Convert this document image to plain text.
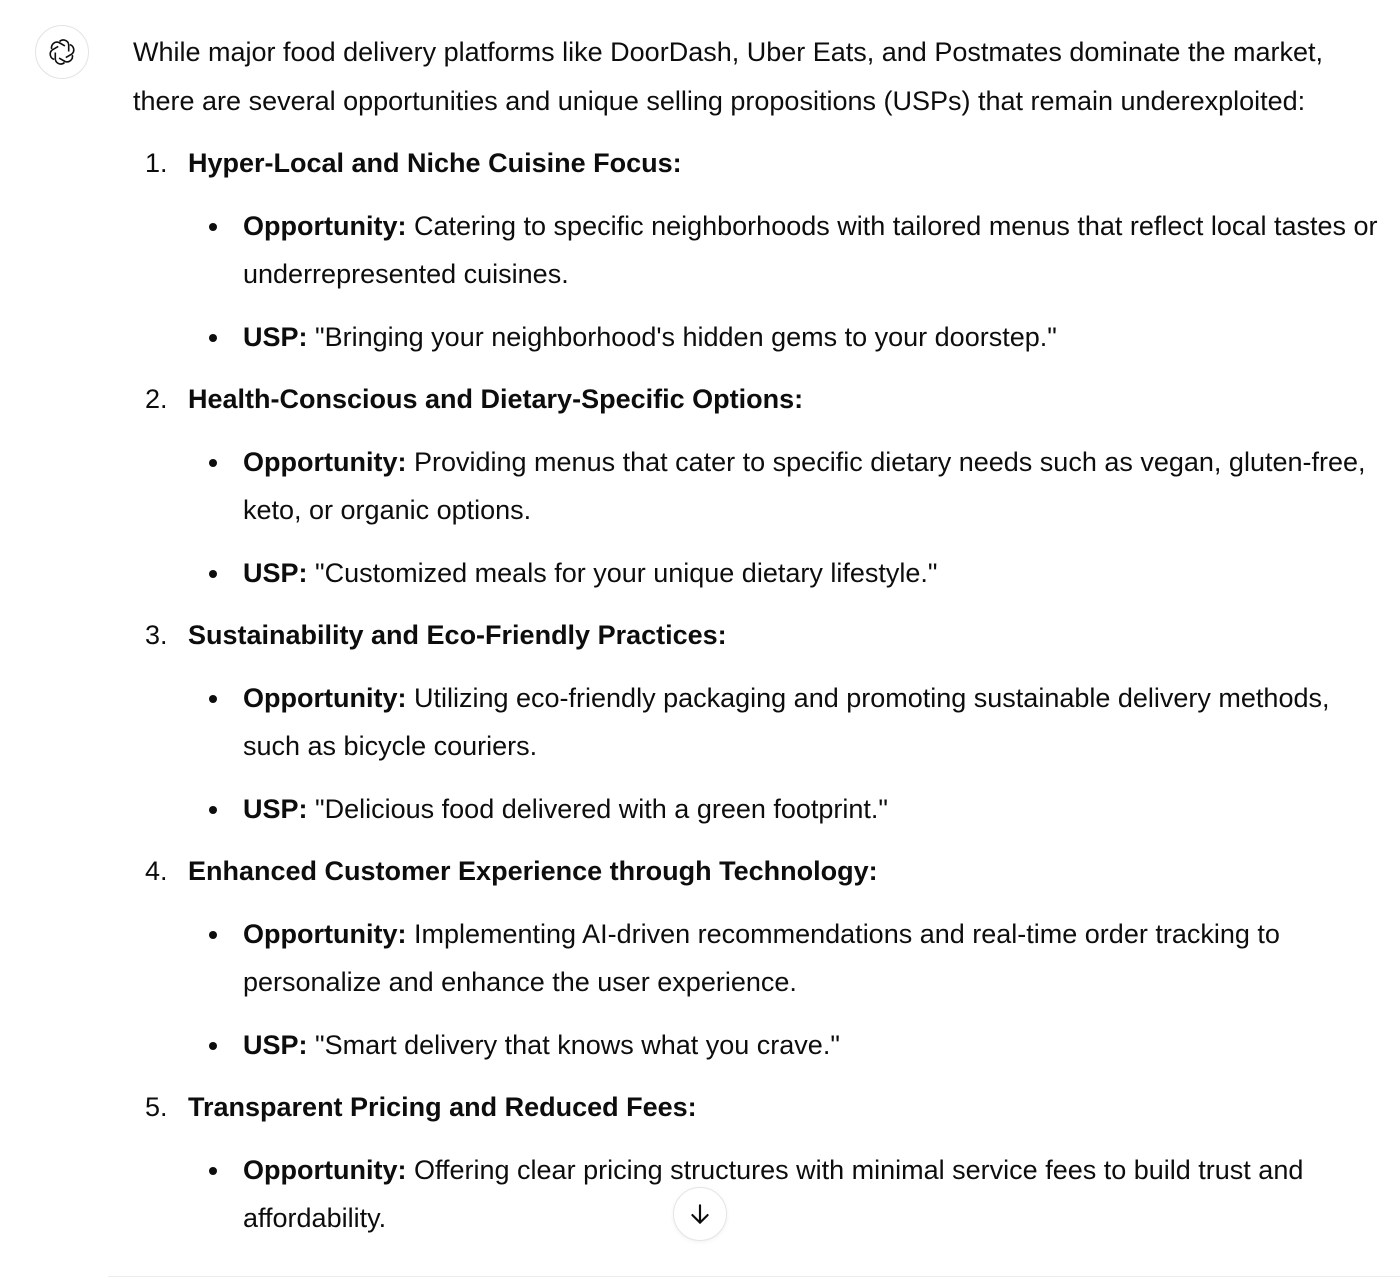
While major food delivery platforms like DoorDash, Uber Eats, and Postmates dominate the market, there are several opportunities and unique selling propositions (USPs) that remain underexploited:

1. Hyper-Local and Niche Cuisine Focus:
Opportunity: Catering to specific neighborhoods with tailored menus that reflect local tastes or underrepresented cuisines.
USP: "Bringing your neighborhood's hidden gems to your doorstep."
2. Health-Conscious and Dietary-Specific Options:
Opportunity: Providing menus that cater to specific dietary needs such as vegan, gluten-free, keto, or organic options.
USP: "Customized meals for your unique dietary lifestyle."
3. Sustainability and Eco-Friendly Practices:
Opportunity: Utilizing eco-friendly packaging and promoting sustainable delivery methods, such as bicycle couriers.
USP: "Delicious food delivered with a green footprint."
4. Enhanced Customer Experience through Technology:
Opportunity: Implementing AI-driven recommendations and real-time order tracking to personalize and enhance the user experience.
USP: "Smart delivery that knows what you crave."
5. Transparent Pricing and Reduced Fees:
Opportunity: Offering clear pricing structures with minimal service fees to build trust and affordability.
